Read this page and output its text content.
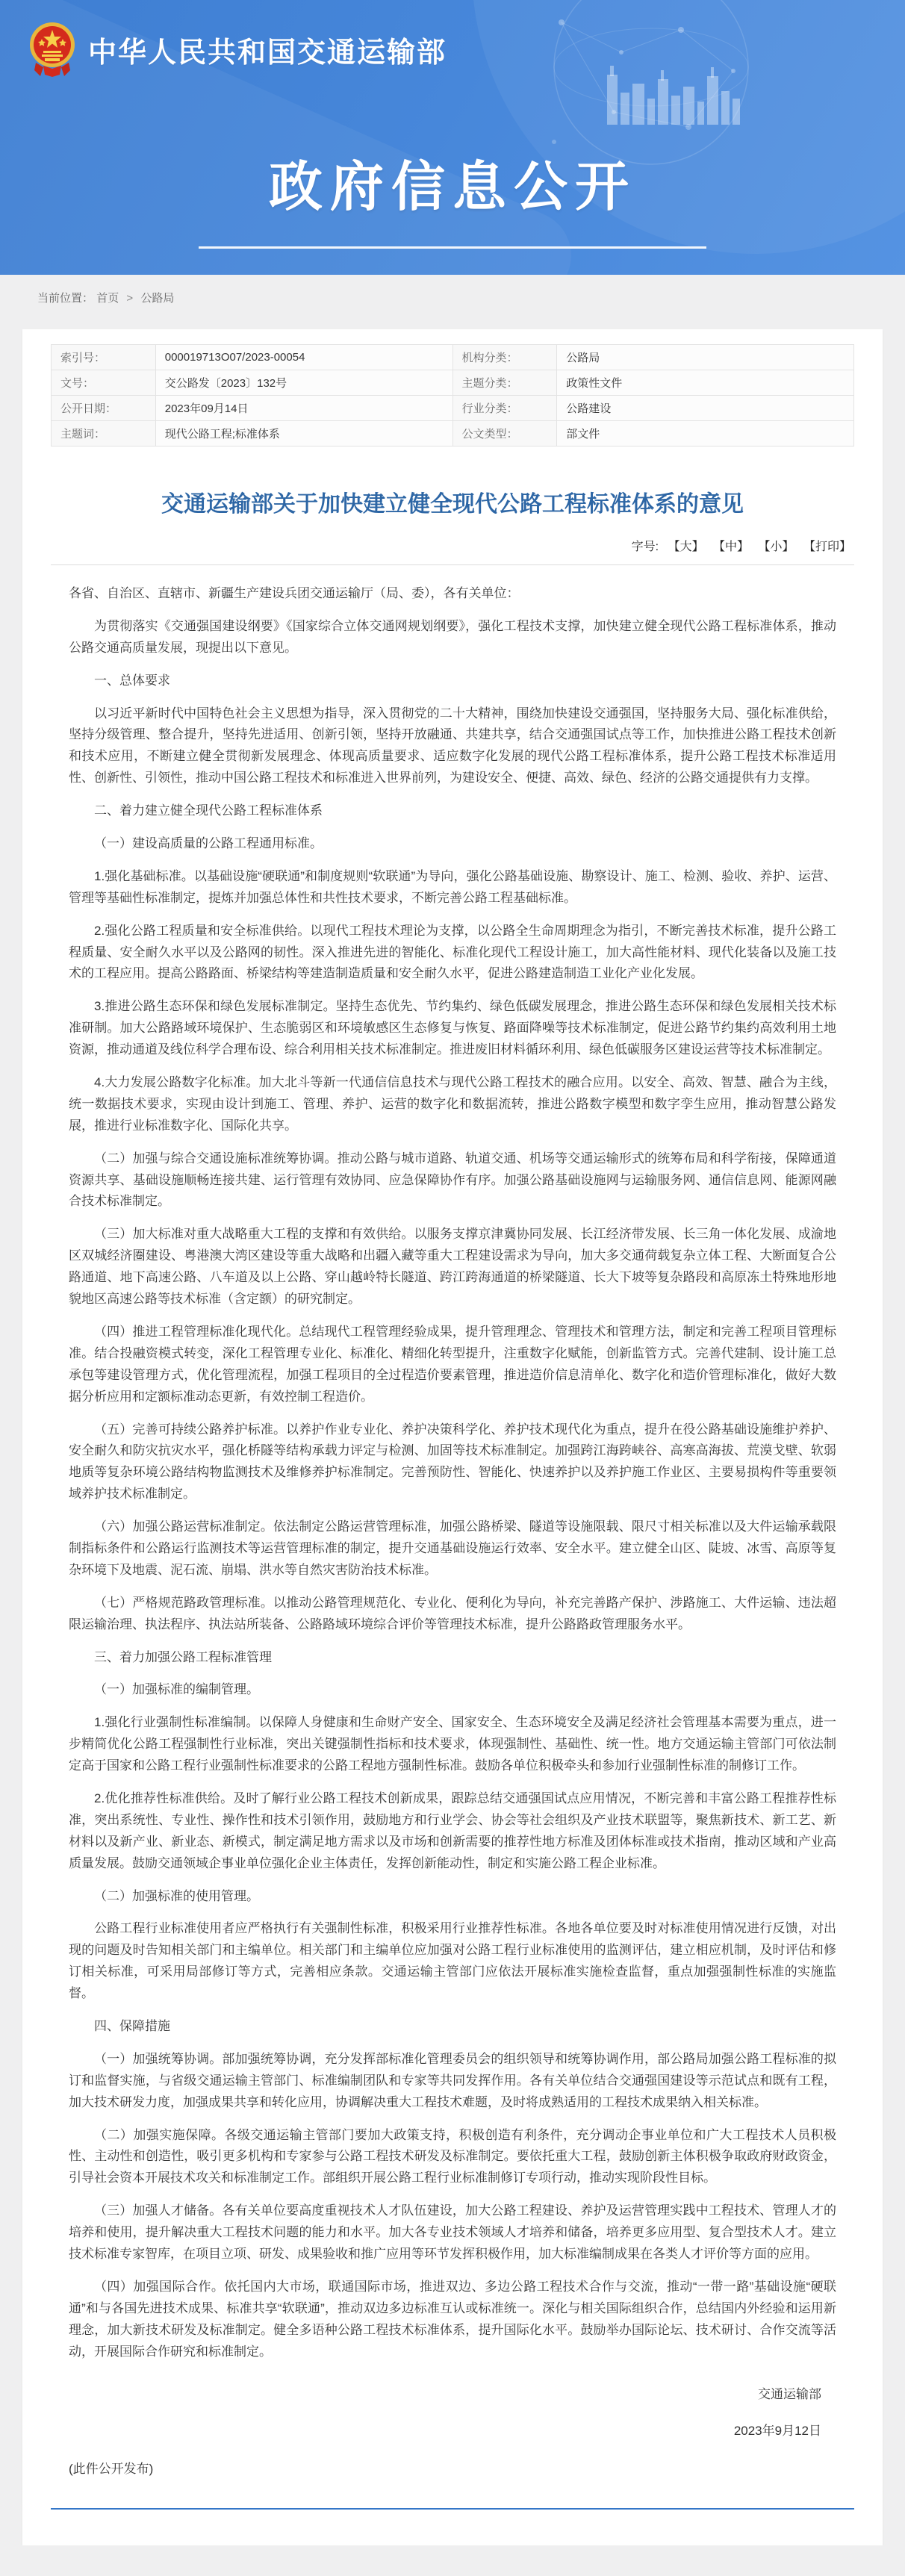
中华人民共和国交通运输部
政府信息公开
当前位置： 首页 > 公路局
索引号：	000019713O07/2023-00054	机构分类：	公路局
文号：	交公路发〔2023〕132号	主题分类：	政策性文件
公开日期：	2023年09月14日	行业分类：	公路建设
主题词：	现代公路工程;标准体系	公文类型：	部文件
交通运输部关于加快建立健全现代公路工程标准体系的意见
字号: 【大】 【中】 【小】 【打印】

各省、自治区、直辖市、新疆生产建设兵团交通运输厅（局、委），各有关单位：

为贯彻落实《交通强国建设纲要》《国家综合立体交通网规划纲要》，强化工程技术支撑，加快建立健全现代公路工程标准体系，推动公路交通高质量发展，现提出以下意见。

一、总体要求

以习近平新时代中国特色社会主义思想为指导，深入贯彻党的二十大精神，围绕加快建设交通强国，坚持服务大局、强化标准供给，坚持分级管理、整合提升，坚持先进适用、创新引领，坚持开放融通、共建共享，结合交通强国试点等工作，加快推进公路工程技术创新和技术应用，不断建立健全贯彻新发展理念、体现高质量要求、适应数字化发展的现代公路工程标准体系，提升公路工程技术标准适用性、创新性、引领性，推动中国公路工程技术和标准进入世界前列，为建设安全、便捷、高效、绿色、经济的公路交通提供有力支撑。

二、着力建立健全现代公路工程标准体系

（一）建设高质量的公路工程通用标准。

1.强化基础标准。以基础设施“硬联通”和制度规则“软联通”为导向，强化公路基础设施、勘察设计、施工、检测、验收、养护、运营、管理等基础性标准制定，提炼并加强总体性和共性技术要求，不断完善公路工程基础标准。

2.强化公路工程质量和安全标准供给。以现代工程技术理论为支撑，以公路全生命周期理念为指引，不断完善技术标准，提升公路工程质量、安全耐久水平以及公路网的韧性。深入推进先进的智能化、标准化现代工程设计施工，加大高性能材料、现代化装备以及施工技术的工程应用。提高公路路面、桥梁结构等建造制造质量和安全耐久水平，促进公路建造制造工业化产业化发展。

3.推进公路生态环保和绿色发展标准制定。坚持生态优先、节约集约、绿色低碳发展理念，推进公路生态环保和绿色发展相关技术标准研制。加大公路路域环境保护、生态脆弱区和环境敏感区生态修复与恢复、路面降噪等技术标准制定，促进公路节约集约高效利用土地资源，推动通道及线位科学合理布设、综合利用相关技术标准制定。推进废旧材料循环利用、绿色低碳服务区建设运营等技术标准制定。

4.大力发展公路数字化标准。加大北斗等新一代通信信息技术与现代公路工程技术的融合应用。以安全、高效、智慧、融合为主线，统一数据技术要求，实现由设计到施工、管理、养护、运营的数字化和数据流转，推进公路数字模型和数字孪生应用，推动智慧公路发展，推进行业标准数字化、国际化共享。

（二）加强与综合交通设施标准统筹协调。推动公路与城市道路、轨道交通、机场等交通运输形式的统筹布局和科学衔接，保障通道资源共享、基础设施顺畅连接共建、运行管理有效协同、应急保障协作有序。加强公路基础设施网与运输服务网、通信信息网、能源网融合技术标准制定。

（三）加大标准对重大战略重大工程的支撑和有效供给。以服务支撑京津冀协同发展、长江经济带发展、长三角一体化发展、成渝地区双城经济圈建设、粤港澳大湾区建设等重大战略和出疆入藏等重大工程建设需求为导向，加大多交通荷载复杂立体工程、大断面复合公路通道、地下高速公路、八车道及以上公路、穿山越岭特长隧道、跨江跨海通道的桥梁隧道、长大下坡等复杂路段和高原冻土特殊地形地貌地区高速公路等技术标准（含定额）的研究制定。

（四）推进工程管理标准化现代化。总结现代工程管理经验成果，提升管理理念、管理技术和管理方法，制定和完善工程项目管理标准。结合投融资模式转变，深化工程管理专业化、标准化、精细化转型提升，注重数字化赋能，创新监管方式。完善代建制、设计施工总承包等建设管理方式，优化管理流程，加强工程项目的全过程造价要素管理，推进造价信息清单化、数字化和造价管理标准化，做好大数据分析应用和定额标准动态更新，有效控制工程造价。

（五）完善可持续公路养护标准。以养护作业专业化、养护决策科学化、养护技术现代化为重点，提升在役公路基础设施维护养护、安全耐久和防灾抗灾水平，强化桥隧等结构承载力评定与检测、加固等技术标准制定。加强跨江海跨峡谷、高寒高海拔、荒漠戈壁、软弱地质等复杂环境公路结构物监测技术及维修养护标准制定。完善预防性、智能化、快速养护以及养护施工作业区、主要易损构件等重要领域养护技术标准制定。

（六）加强公路运营标准制定。依法制定公路运营管理标准，加强公路桥梁、隧道等设施限载、限尺寸相关标准以及大件运输承载限制指标条件和公路运行监测技术等运营管理标准的制定，提升交通基础设施运行效率、安全水平。建立健全山区、陡坡、冰雪、高原等复杂环境下及地震、泥石流、崩塌、洪水等自然灾害防治技术标准。

（七）严格规范路政管理标准。以推动公路管理规范化、专业化、便利化为导向，补充完善路产保护、涉路施工、大件运输、违法超限运输治理、执法程序、执法站所装备、公路路域环境综合评价等管理技术标准，提升公路路政管理服务水平。

三、着力加强公路工程标准管理

（一）加强标准的编制管理。

1.强化行业强制性标准编制。以保障人身健康和生命财产安全、国家安全、生态环境安全及满足经济社会管理基本需要为重点，进一步精简优化公路工程强制性行业标准，突出关键强制性指标和技术要求，体现强制性、基础性、统一性。地方交通运输主管部门可依法制定高于国家和公路工程行业强制性标准要求的公路工程地方强制性标准。鼓励各单位积极牵头和参加行业强制性标准的制修订工作。

2.优化推荐性标准供给。及时了解行业公路工程技术创新成果，跟踪总结交通强国试点应用情况，不断完善和丰富公路工程推荐性标准，突出系统性、专业性、操作性和技术引领作用，鼓励地方和行业学会、协会等社会组织及产业技术联盟等，聚焦新技术、新工艺、新材料以及新产业、新业态、新模式，制定满足地方需求以及市场和创新需要的推荐性地方标准及团体标准或技术指南，推动区域和产业高质量发展。鼓励交通领域企事业单位强化企业主体责任，发挥创新能动性，制定和实施公路工程企业标准。

（二）加强标准的使用管理。

公路工程行业标准使用者应严格执行有关强制性标准，积极采用行业推荐性标准。各地各单位要及时对标准使用情况进行反馈，对出现的问题及时告知相关部门和主编单位。相关部门和主编单位应加强对公路工程行业标准使用的监测评估，建立相应机制，及时评估和修订相关标准，可采用局部修订等方式，完善相应条款。交通运输主管部门应依法开展标准实施检查监督，重点加强强制性标准的实施监督。

四、保障措施

（一）加强统筹协调。部加强统筹协调，充分发挥部标准化管理委员会的组织领导和统筹协调作用，部公路局加强公路工程标准的拟订和监督实施，与省级交通运输主管部门、标准编制团队和专家等共同发挥作用。各有关单位结合交通强国建设等示范试点和既有工程，加大技术研发力度，加强成果共享和转化应用，协调解决重大工程技术难题，及时将成熟适用的工程技术成果纳入相关标准。

（二）加强实施保障。各级交通运输主管部门要加大政策支持，积极创造有利条件，充分调动企事业单位和广大工程技术人员积极性、主动性和创造性，吸引更多机构和专家参与公路工程技术研发及标准制定。要依托重大工程，鼓励创新主体积极争取政府财政资金，引导社会资本开展技术攻关和标准制定工作。部组织开展公路工程行业标准制修订专项行动，推动实现阶段性目标。

（三）加强人才储备。各有关单位要高度重视技术人才队伍建设，加大公路工程建设、养护及运营管理实践中工程技术、管理人才的培养和使用，提升解决重大工程技术问题的能力和水平。加大各专业技术领域人才培养和储备，培养更多应用型、复合型技术人才。建立技术标准专家智库，在项目立项、研发、成果验收和推广应用等环节发挥积极作用，加大标准编制成果在各类人才评价等方面的应用。

（四）加强国际合作。依托国内大市场，联通国际市场，推进双边、多边公路工程技术合作与交流，推动“一带一路”基础设施“硬联通”和与各国先进技术成果、标准共享“软联通”，推动双边多边标准互认或标准统一。深化与相关国际组织合作，总结国内外经验和运用新理念，加大新技术研发及标准制定。健全多语种公路工程技术标准体系，提升国际化水平。鼓励举办国际论坛、技术研讨、合作交流等活动，开展国际合作研究和标准制定。

交通运输部
2023年9月12日

(此件公开发布)
